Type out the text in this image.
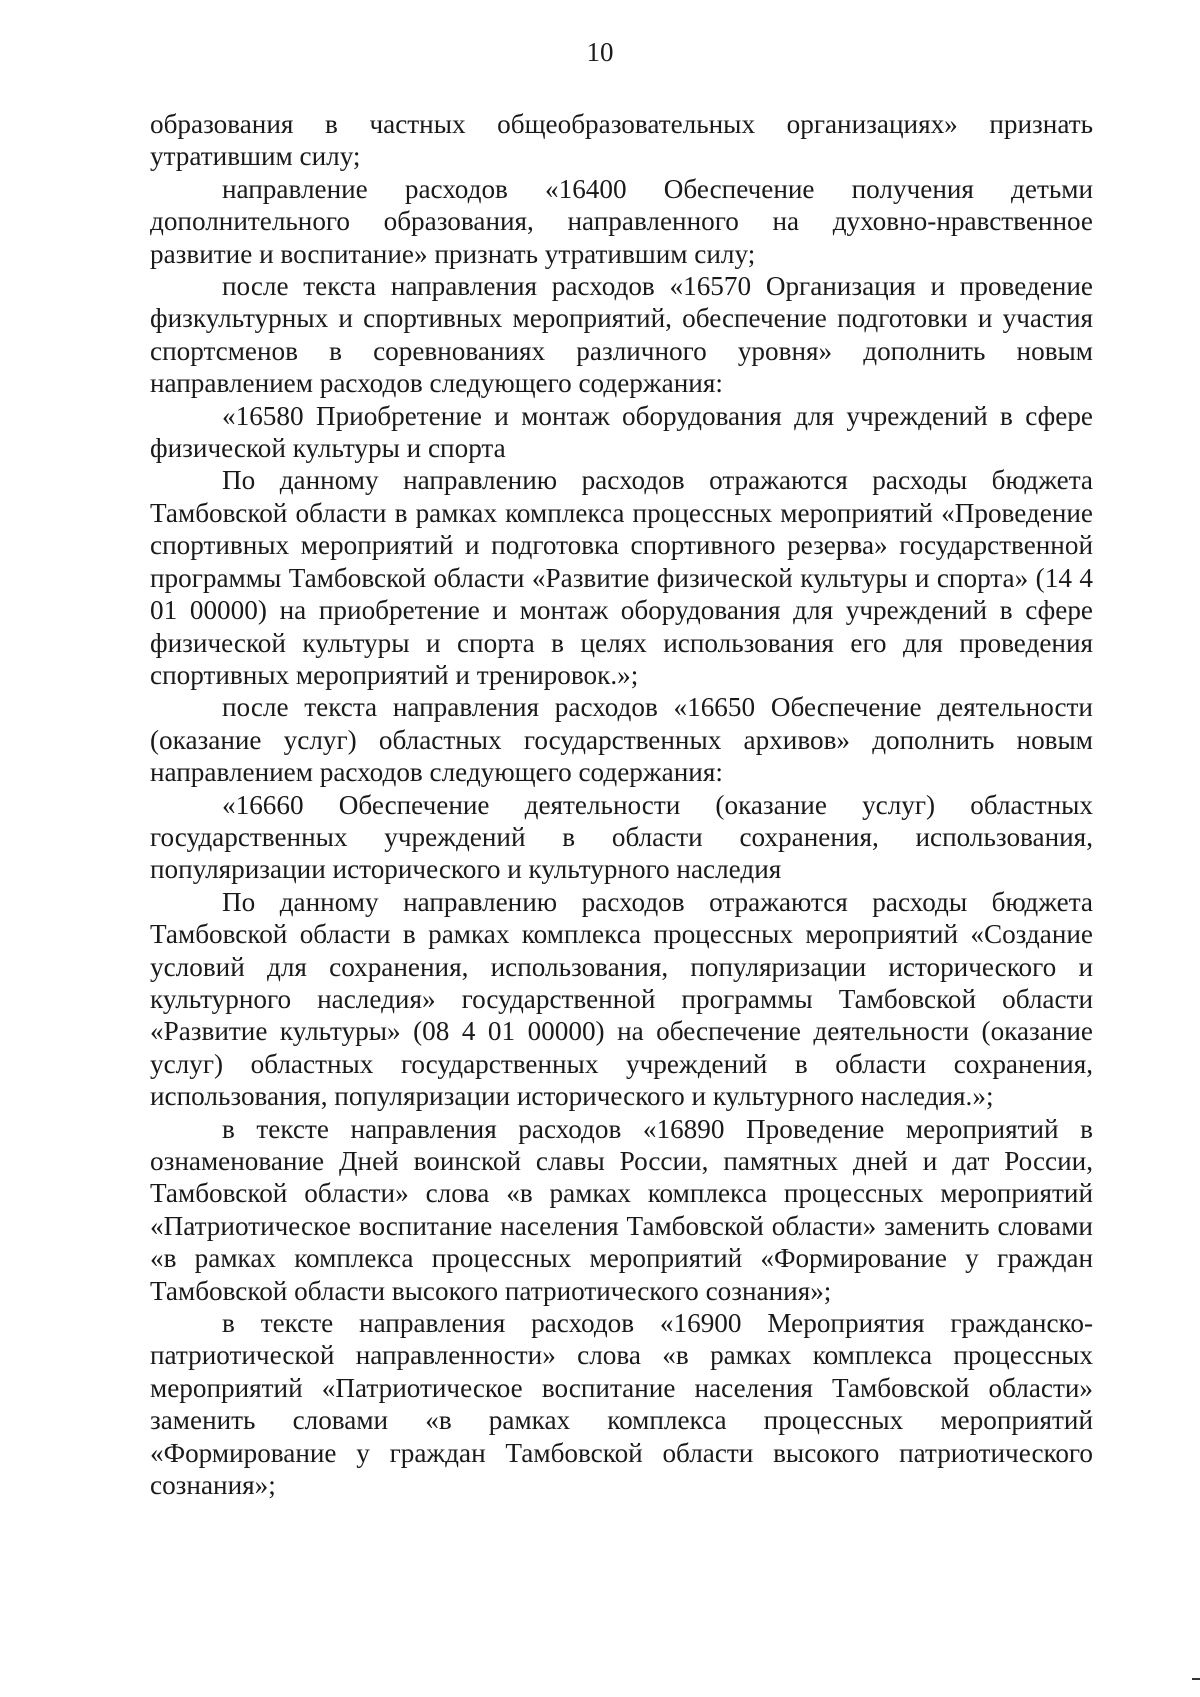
10

образования в частных общеобразовательных организациях» признать утратившим силу;

направление расходов «16400 Обеспечение получения детьми дополнительного образования, направленного на духовно-нравственное развитие и воспитание» признать утратившим силу;

после текста направления расходов «16570 Организация и проведение физкультурных и спортивных мероприятий, обеспечение подготовки и участия спортсменов в соревнованиях различного уровня» дополнить новым направлением расходов следующего содержания:

«16580 Приобретение и монтаж оборудования для учреждений в сфере физической культуры и спорта

По данному направлению расходов отражаются расходы бюджета Тамбовской области в рамках комплекса процессных мероприятий «Проведение спортивных мероприятий и подготовка спортивного резерва» государственной программы Тамбовской области «Развитие физической культуры и спорта» (14 4 01 00000) на приобретение и монтаж оборудования для учреждений в сфере физической культуры и спорта в целях использования его для проведения спортивных мероприятий и тренировок.»;

после текста направления расходов «16650 Обеспечение деятельности (оказание услуг) областных государственных архивов» дополнить новым направлением расходов следующего содержания:

«16660 Обеспечение деятельности (оказание услуг) областных государственных учреждений в области сохранения, использования, популяризации исторического и культурного наследия

По данному направлению расходов отражаются расходы бюджета Тамбовской области в рамках комплекса процессных мероприятий «Создание условий для сохранения, использования, популяризации исторического и культурного наследия» государственной программы Тамбовской области «Развитие культуры» (08 4 01 00000) на обеспечение деятельности (оказание услуг) областных государственных учреждений в области сохранения, использования, популяризации исторического и культурного наследия.»;

в тексте направления расходов «16890 Проведение мероприятий в ознаменование Дней воинской славы России, памятных дней и дат России, Тамбовской области» слова «в рамках комплекса процессных мероприятий «Патриотическое воспитание населения Тамбовской области» заменить словами «в рамках комплекса процессных мероприятий «Формирование у граждан Тамбовской области высокого патриотического сознания»;

в тексте направления расходов «16900 Мероприятия гражданско-патриотической направленности» слова «в рамках комплекса процессных мероприятий «Патриотическое воспитание населения Тамбовской области» заменить словами «в рамках комплекса процессных мероприятий «Формирование у граждан Тамбовской области высокого патриотического сознания»;
